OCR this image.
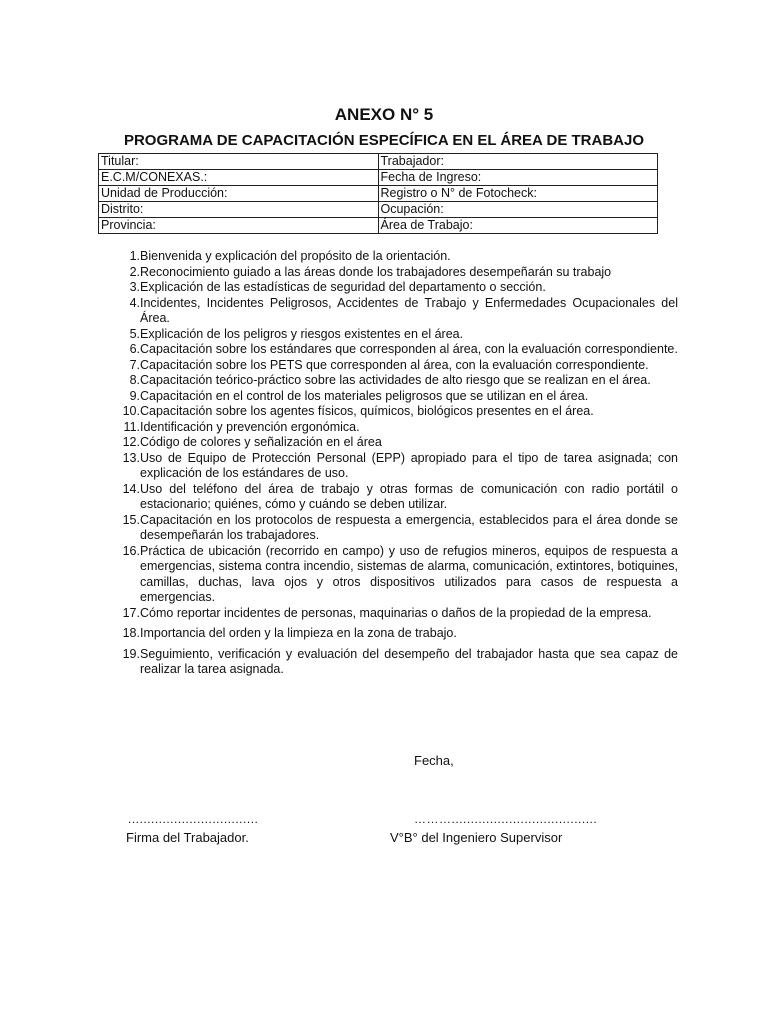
ANEXO N° 5
PROGRAMA DE CAPACITACIÓN ESPECÍFICA EN EL ÁREA DE TRABAJO
Titular:	Trabajador:
E.C.M/CONEXAS.:	Fecha de Ingreso:
Unidad de Producción:	Registro o N° de Fotocheck:
Distrito:	Ocupación:
Provincia:	Área de Trabajo:
1. Bienvenida y explicación del propósito de la orientación.
2. Reconocimiento guiado a las áreas donde los trabajadores desempeñarán su trabajo
3. Explicación de las estadísticas de seguridad del departamento o sección.
4. Incidentes, Incidentes Peligrosos, Accidentes de Trabajo y Enfermedades Ocupacionales del Área.
5. Explicación de los peligros y riesgos existentes en el área.
6. Capacitación sobre los estándares que corresponden al área, con la evaluación correspondiente.
7. Capacitación sobre los PETS que corresponden al área, con la evaluación correspondiente.
8. Capacitación teórico-práctico sobre las actividades de alto riesgo que se realizan en el área.
9. Capacitación en el control de los materiales peligrosos que se utilizan en el área.
10. Capacitación sobre los agentes físicos, químicos, biológicos presentes en el área.
11. Identificación y prevención ergonómica.
12. Código de colores y señalización en el área
13. Uso de Equipo de Protección Personal (EPP) apropiado para el tipo de tarea asignada; con explicación de los estándares de uso.
14. Uso del teléfono del área de trabajo y otras formas de comunicación con radio portátil o estacionario; quiénes, cómo y cuándo se deben utilizar.
15. Capacitación en los protocolos de respuesta a emergencia, establecidos para el área donde se desempeñarán los trabajadores.
16. Práctica de ubicación (recorrido en campo) y uso de refugios mineros, equipos de respuesta a emergencias, sistema contra incendio, sistemas de alarma, comunicación, extintores, botiquines, camillas, duchas, lava ojos y otros dispositivos utilizados para casos de respuesta a emergencias.
17. Cómo reportar incidentes de personas, maquinarias o daños de la propiedad de la empresa.
18. Importancia del orden y la limpieza en la zona de trabajo.
19. Seguimiento, verificación y evaluación del desempeño del trabajador hasta que sea capaz de realizar la tarea asignada.
Fecha,
..................................
Firma del Trabajador.
………......................................
V°B° del Ingeniero Supervisor
